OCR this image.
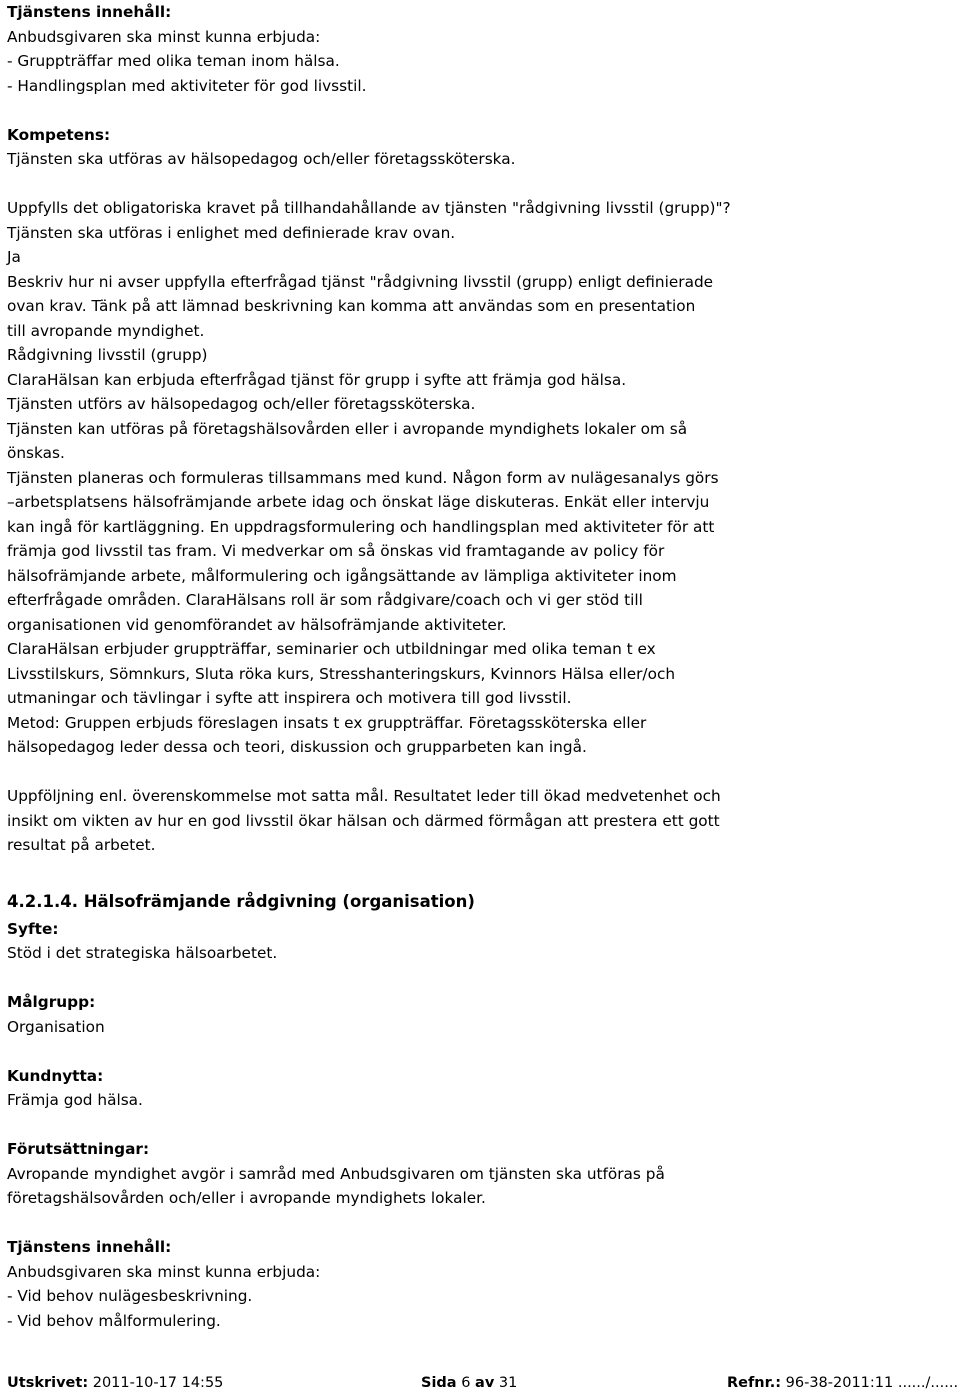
Tjänstens innehåll:
Anbudsgivaren ska minst kunna erbjuda:
- Gruppträffar med olika teman inom hälsa.
- Handlingsplan med aktiviteter för god livsstil.
Kompetens:
Tjänsten ska utföras av hälsopedagog och/eller företagssköterska.
Uppfylls det obligatoriska kravet på tillhandahållande av tjänsten "rådgivning livsstil (grupp)"?
Tjänsten ska utföras i enlighet med definierade krav ovan.
Ja
Beskriv hur ni avser uppfylla efterfrågad tjänst "rådgivning livsstil (grupp) enligt definierade
ovan krav. Tänk på att lämnad beskrivning kan komma att användas som en presentation
till avropande myndighet.
Rådgivning livsstil (grupp)
ClaraHälsan kan erbjuda efterfrågad tjänst för grupp i syfte att främja god hälsa.
Tjänsten utförs av hälsopedagog och/eller företagssköterska.
Tjänsten kan utföras på företagshälsovården eller i avropande myndighets lokaler om så
önskas.
Tjänsten planeras och formuleras tillsammans med kund. Någon form av nulägesanalys görs
–arbetsplatsens hälsofrämjande arbete idag och önskat läge diskuteras. Enkät eller intervju
kan ingå för kartläggning. En uppdragsformulering och handlingsplan med aktiviteter för att
främja god livsstil tas fram. Vi medverkar om så önskas vid framtagande av policy för
hälsofrämjande arbete, målformulering och igångsättande av lämpliga aktiviteter inom
efterfrågade områden. ClaraHälsans roll är som rådgivare/coach och vi ger stöd till
organisationen vid genomförandet av hälsofrämjande aktiviteter.
ClaraHälsan erbjuder gruppträffar, seminarier och utbildningar med olika teman t ex
Livsstilskurs, Sömnkurs, Sluta röka kurs, Stresshanteringskurs, Kvinnors Hälsa eller/och
utmaningar och tävlingar i syfte att inspirera och motivera till god livsstil.
Metod: Gruppen erbjuds föreslagen insats t ex gruppträffar. Företagssköterska eller
hälsopedagog leder dessa och teori, diskussion och grupparbeten kan ingå.
Uppföljning enl. överenskommelse mot satta mål. Resultatet leder till ökad medvetenhet och
insikt om vikten av hur en god livsstil ökar hälsan och därmed förmågan att prestera ett gott
resultat på arbetet.
4.2.1.4. Hälsofrämjande rådgivning (organisation)
Syfte:
Stöd i det strategiska hälsoarbetet.
Målgrupp:
Organisation
Kundnytta:
Främja god hälsa.
Förutsättningar:
Avropande myndighet avgör i samråd med Anbudsgivaren om tjänsten ska utföras på
företagshälsovården och/eller i avropande myndighets lokaler.
Tjänstens innehåll:
Anbudsgivaren ska minst kunna erbjuda:
- Vid behov nulägesbeskrivning.
- Vid behov målformulering.
Utskrivet: 2011-10-17 14:55	Sida 6 av 31	Refnr.: 96-38-2011:11 ....../......
